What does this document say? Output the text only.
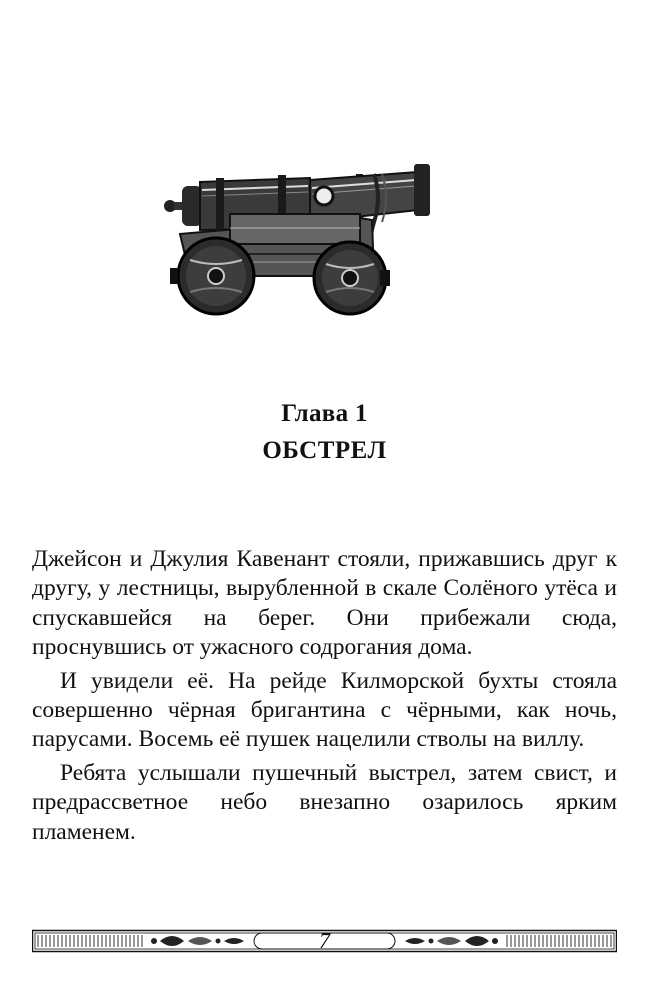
Глава 1
ОБСТРЕЛ

Джейсон и Джулия Кавенант стояли, прижавшись друг к другу, у лестницы, вырубленной в скале Солёного утёса и спускавшейся на берег. Они прибежали сюда, проснувшись от ужасного содрогания дома.

И увидели её. На рейде Килморской бухты стояла совершенно чёрная бригантина с чёрными, как ночь, парусами. Восемь её пушек нацелили стволы на виллу.

Ребята услышали пушечный выстрел, затем свист, и предрассветное небо внезапно озарилось ярким пламенем.

7
